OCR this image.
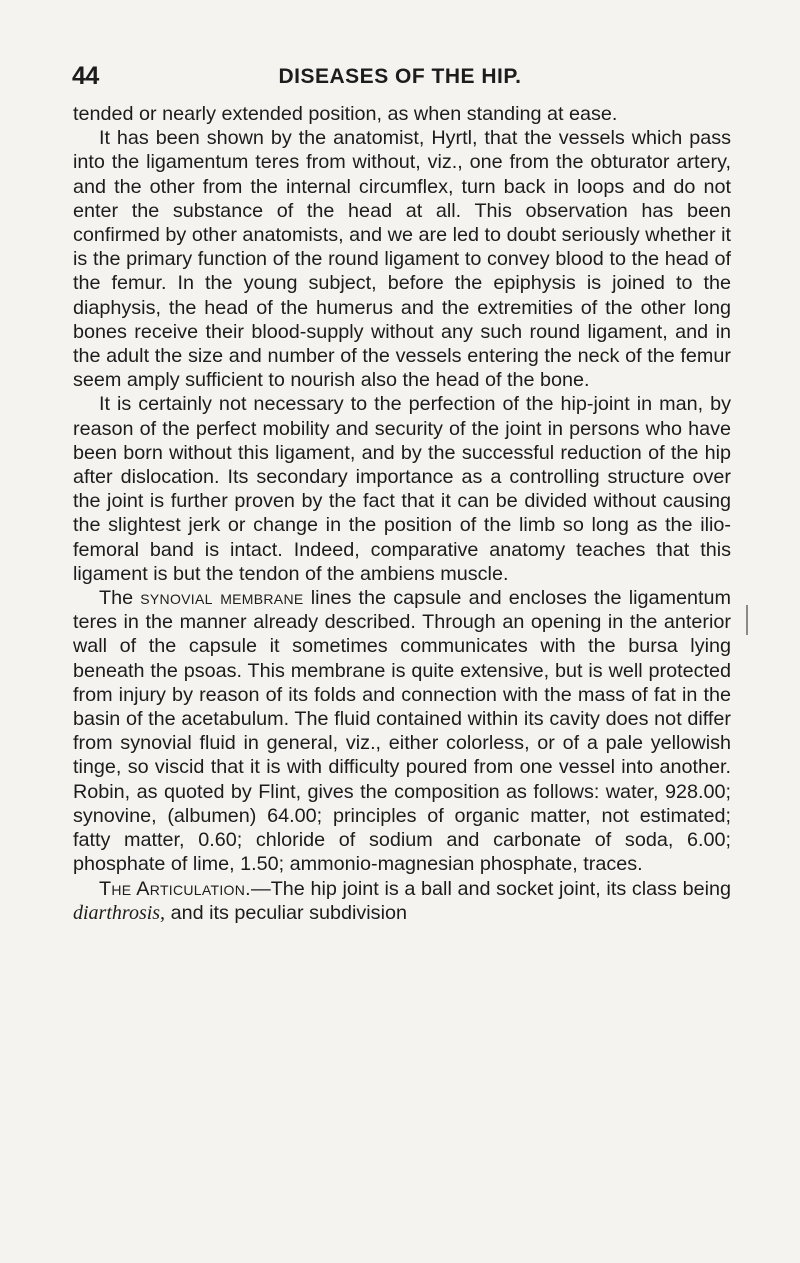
44	DISEASES OF THE HIP.

tended or nearly extended position, as when standing at ease.

It has been shown by the anatomist, Hyrtl, that the vessels which pass into the ligamentum teres from without, viz., one from the obturator artery, and the other from the internal circumflex, turn back in loops and do not enter the substance of the head at all. This observation has been confirmed by other anatomists, and we are led to doubt seriously whether it is the primary function of the round ligament to convey blood to the head of the femur. In the young subject, before the epiphysis is joined to the diaphysis, the head of the humerus and the extremities of the other long bones receive their blood-supply without any such round ligament, and in the adult the size and number of the vessels entering the neck of the femur seem amply sufficient to nourish also the head of the bone.

It is certainly not necessary to the perfection of the hip-joint in man, by reason of the perfect mobility and security of the joint in persons who have been born without this ligament, and by the successful reduction of the hip after dislocation. Its secondary importance as a controlling structure over the joint is further proven by the fact that it can be divided without causing the slightest jerk or change in the position of the limb so long as the ilio-femoral band is intact. Indeed, comparative anatomy teaches that this ligament is but the tendon of the ambiens muscle.

The synovial membrane lines the capsule and encloses the ligamentum teres in the manner already described. Through an opening in the anterior wall of the capsule it sometimes communicates with the bursa lying beneath the psoas. This membrane is quite extensive, but is well protected from injury by reason of its folds and connection with the mass of fat in the basin of the acetabulum. The fluid contained within its cavity does not differ from synovial fluid in general, viz., either colorless, or of a pale yellowish tinge, so viscid that it is with difficulty poured from one vessel into another. Robin, as quoted by Flint, gives the composition as follows: water, 928.00; synovine, (albumen) 64.00; principles of organic matter, not estimated; fatty matter, 0.60; chloride of sodium and carbonate of soda, 6.00; phosphate of lime, 1.50; ammonio-magnesian phosphate, traces.

The Articulation.—The hip joint is a ball and socket joint, its class being diarthrosis, and its peculiar subdivision
